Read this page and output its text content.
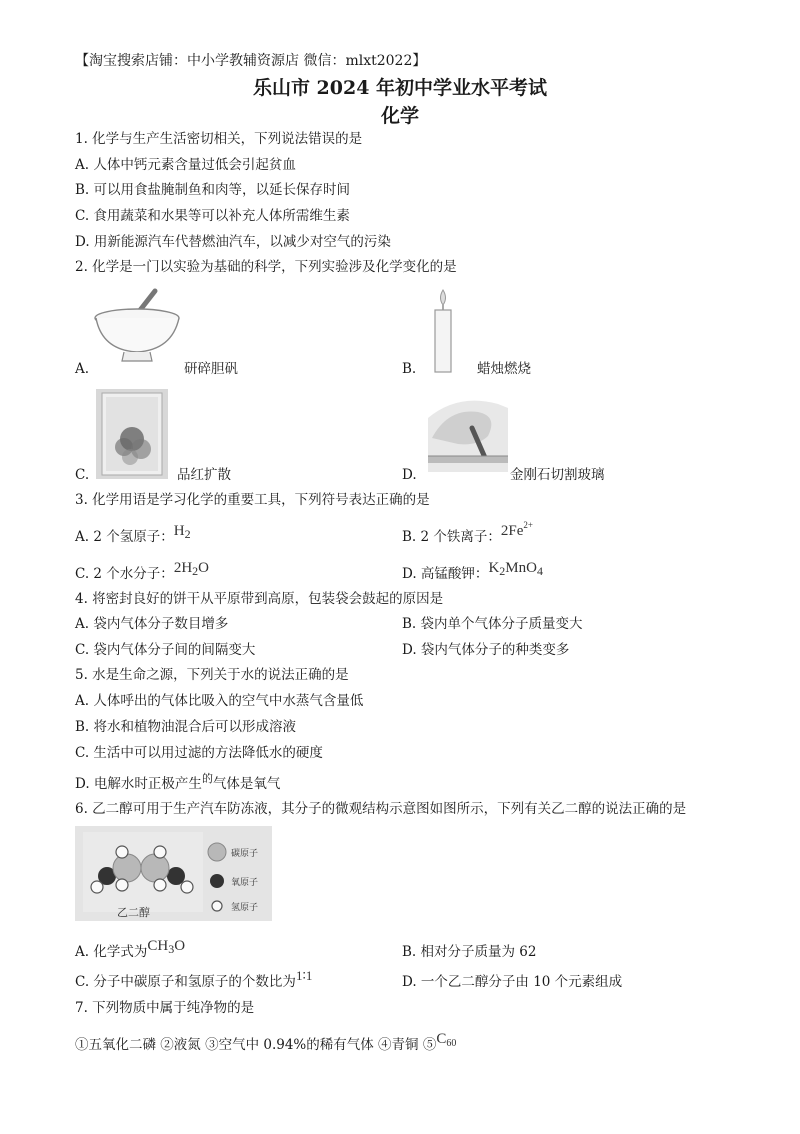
【淘宝搜索店铺：中小学教辅资源店 微信：mlxt2022】
乐山市 2024 年初中学业水平考试
化学
1. 化学与生产生活密切相关，下列说法错误的是
A. 人体中钙元素含量过低会引起贫血
B. 可以用食盐腌制鱼和肉等，以延长保存时间
C. 食用蔬菜和水果等可以补充人体所需维生素
D. 用新能源汽车代替燃油汽车，以减少对空气的污染
2. 化学是一门以实验为基础的科学，下列实验涉及化学变化的是
A.	研碎胆矾	B.	蜡烛燃烧
C.	品红扩散	D.	金刚石切割玻璃
3. 化学用语是学习化学的重要工具，下列符号表达正确的是
A. 2 个氢原子：$H_2$	B. 2 个铁离子：$2Fe^{2+}$
C. 2 个水分子：$2H_2O$	D. 高锰酸钾：$K_2MnO_4$
4. 将密封良好的饼干从平原带到高原，包装袋会鼓起的原因是
A. 袋内气体分子数目增多	B. 袋内单个气体分子质量变大
C. 袋内气体分子间的间隔变大	D. 袋内气体分子的种类变多
5. 水是生命之源，下列关于水的说法正确的是
A. 人体呼出的气体比吸入的空气中水蒸气含量低
B. 将水和植物油混合后可以形成溶液
C. 生活中可以用过滤的方法降低水的硬度
D. 电解水时正极产生$^的$气体是氧气
6. 乙二醇可用于生产汽车防冻液，其分子的微观结构示意图如图所示，下列有关乙二醇的说法正确的是
乙二醇
碳原子
氧原子
氢原子
A. 化学式为$CH_3O$	B. 相对分子质量为 62
C. 分子中碳原子和氢原子的个数比为1∶1	D. 一个乙二醇分子由 10 个元素组成
7. 下列物质中属于纯净物的是
①五氧化二磷 ②液氮 ③空气中 0.94%的稀有气体 ④青铜 $⑤C_{60}$
